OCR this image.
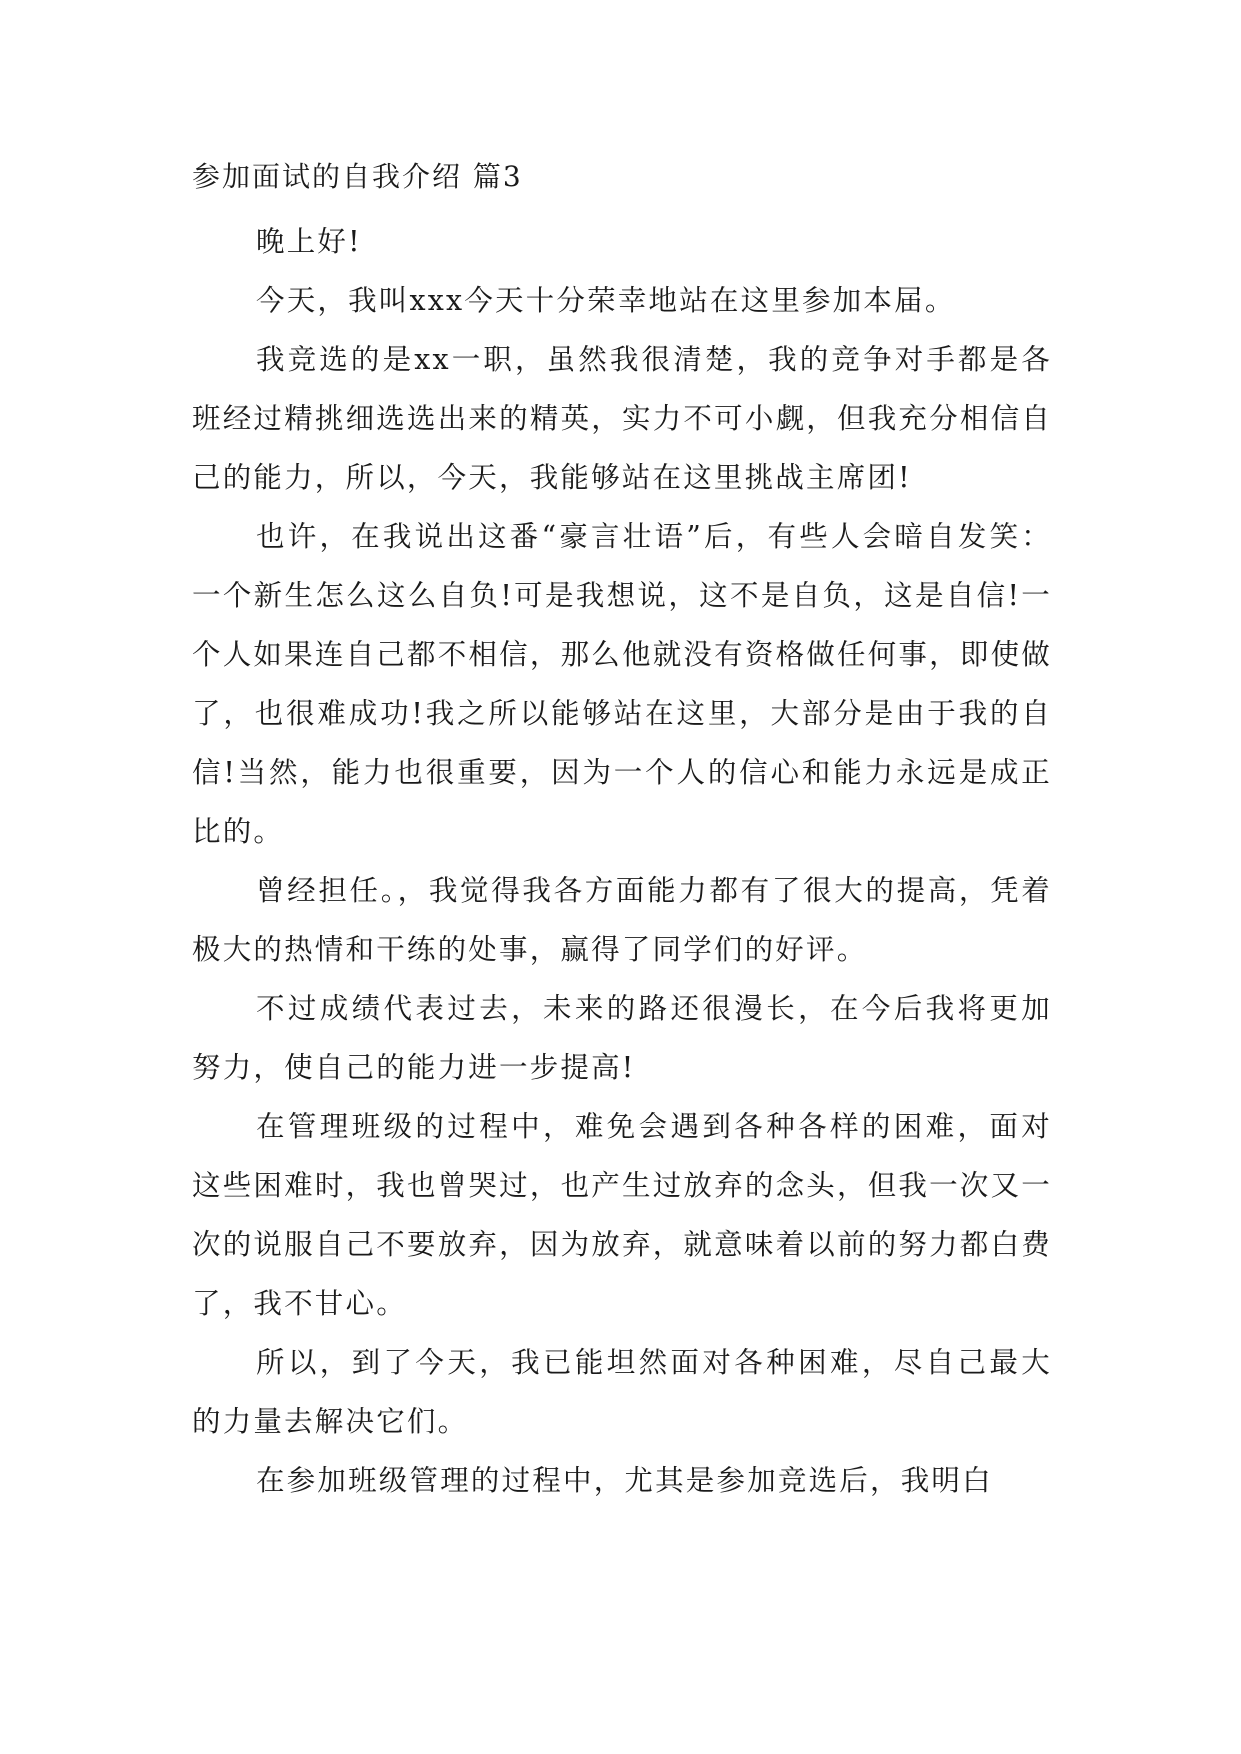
参加面试的自我介绍 篇3

晚上好!

今天，我叫xxx今天十分荣幸地站在这里参加本届。

我竞选的是xx一职，虽然我很清楚，我的竞争对手都是各班经过精挑细选选出来的精英，实力不可小觑，但我充分相信自己的能力，所以，今天，我能够站在这里挑战主席团!

也许，在我说出这番“豪言壮语”后，有些人会暗自发笑：一个新生怎么这么自负!可是我想说，这不是自负，这是自信!一个人如果连自己都不相信，那么他就没有资格做任何事，即使做了，也很难成功!我之所以能够站在这里，大部分是由于我的自信!当然，能力也很重要，因为一个人的信心和能力永远是成正比的。

曾经担任。，我觉得我各方面能力都有了很大的提高，凭着极大的热情和干练的处事，赢得了同学们的好评。

不过成绩代表过去，未来的路还很漫长，在今后我将更加努力，使自己的能力进一步提高!

在管理班级的过程中，难免会遇到各种各样的困难，面对这些困难时，我也曾哭过，也产生过放弃的念头，但我一次又一次的说服自己不要放弃，因为放弃，就意味着以前的努力都白费了，我不甘心。

所以，到了今天，我已能坦然面对各种困难，尽自己最大的力量去解决它们。

在参加班级管理的过程中，尤其是参加竞选后，我明白
